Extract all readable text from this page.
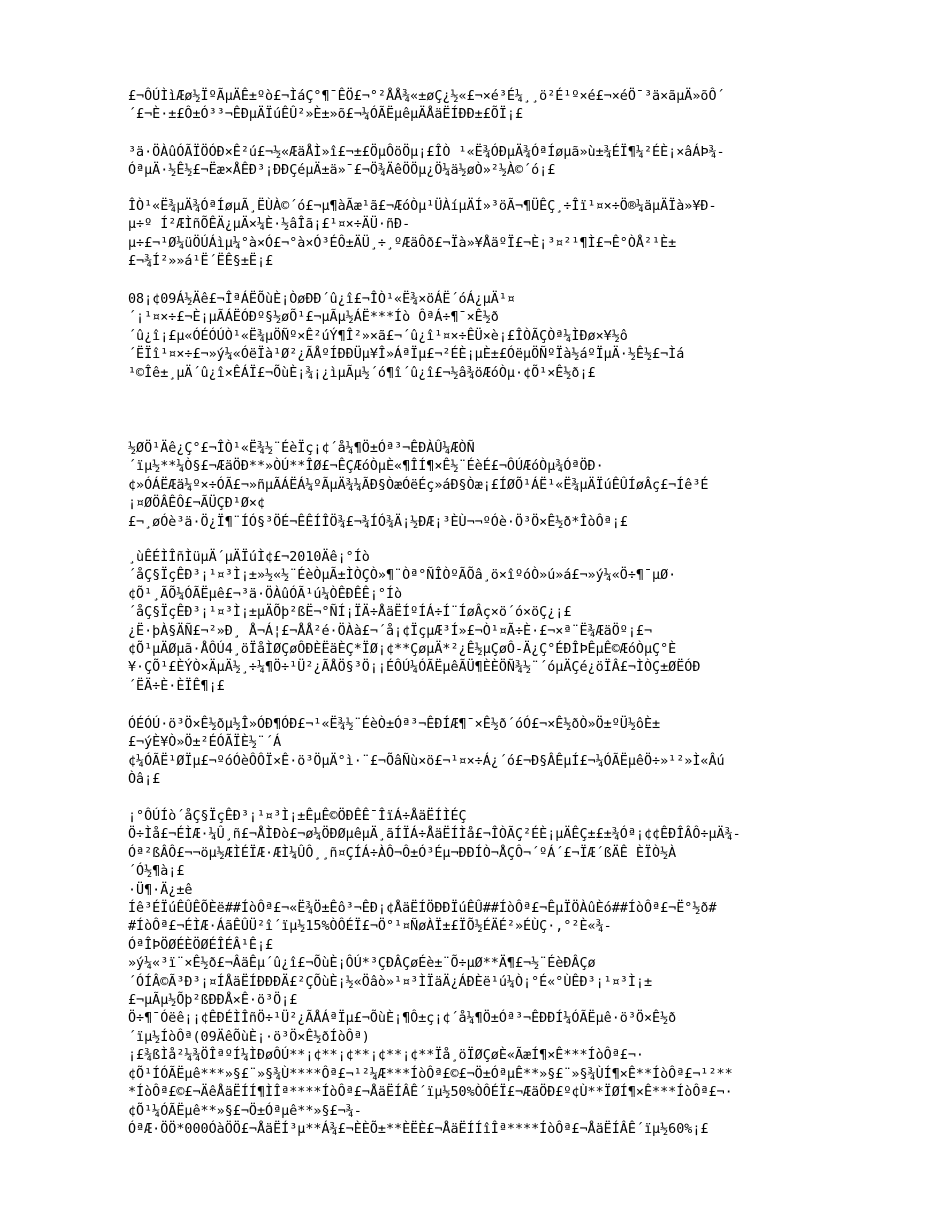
£¬ÔÚÌìÆø½ÏºÃµÄÊ±ºò£¬ÌáÇ°¶¯ÊÖ£¬°²ÅÅ¾«±øÇ¿½«£¬×é³É¼¸¸ö²É¹º×é£¬×éÖ¯³ä×ãµÄ»õÔ´
´£¬È·±£Ô±Ó³³¬ÊÐµÄÏúÊÛ²»È±»õ£¬¼ÓÃËµêµÄÅäËÍÐÐ±£ÕÏ¡£
³ä·ÖÀûÓÃÏÖÓÐ×Ê²ú£¬½«ÆäÅÌ»î£¬±£ÖµÔöÖµ¡£ÎÒ ¹«Ë¾ÓÐµÄ¾ÓªÍøµã»ù±¾ÉÏ¶¼²ÉÈ¡×âÁÞ¾-
ÓªµÄ·½Ê½£¬Ëæ×ÅÊÐ³¡ÐÐÇéµÄ±ä»¯£¬Ö¾ÄêÖÖµ¿Ö¼ä½øÒ»²½À©´ó¡£
ÎÒ¹«Ë¾µÄ¾ÓªÍøµÃ¸ËÙÀ©´ó£¬µ¶àÃæ¹ã£¬ÆóÒµ¹ÜÀíµÄÍ»³öÃ¬¶ÜÊÇ¸÷Îï¹¤×÷Ö®¼äµÄÏà»¥Ð-
µ÷º Í²ÆÌñÕÊÄ¿µÄ×¼È·½âÎã¡£¹¤×÷ÄÜ·ñÐ-
µ÷£¬¹Ø¼üÖÚÁìµ¼°à×Ó£¬°à×Ó³ÉÔ±ÄÜ¸÷¸ºÆäÔð£¬Ïà»¥ÅäºÏ£¬È¡³¤²¹¶Ì£¬Ê°ÒÅ²¹È±
£¬¾Í²»»á¹Ë´ËÊ§±Ë¡£
08¡¢09Á½Äê£¬ÎªÁËÕùÈ¡ÒøÐÐ´û¿î£¬ÎÒ¹«Ë¾×öÁË´óÁ¿µÄ¹¤
´¡¹¤×÷£¬È¡µÃÁËÓÐº§½øÕ¹£¬µÃµ½ÁË***Íò ÔªÁ÷¶¯×Ê½ð
´û¿î¡£µ«ÓÉÓÚÒ¹«Ë¾µÖÑº×Ê²úÝ¶Î²»×ã£¬´û¿î¹¤×÷ÊÜ×è¡£ÎÒÃÇÒª¼ÌÐø×¥½ô
´ËÏî¹¤×÷£¬»ý¼«ÓëÏà¹Ø²¿ÃÅºÍÐÐÜµ¥Î»ÁªÏµ£¬²ÉÈ¡µÈ±£ÓëµÖÑºÏà½áºÏµÄ·½Ê½£¬Ìá
¹©Îê±¸µÄ´û¿î×ÊÁÏ£¬ÕùÈ¡¾¡¿ìµÃµ½´ó¶î´û¿î£¬½â¾öÆóÒµ·¢Õ¹×Ê½ð¡£
½ØÖ¹Äê¿Ç°£¬ÎÒ¹«Ë¾½¨ÉèÏç¡¢´å¼¶Ö±Óª³¬ÊÐÀÛ¼ÆÒÑ
´ïµ½**¼Ò§£¬ÆäÖÐ**»ÒÚ**ÎØ£¬ÊÇÆóÒµÈ«¶ÎÍ¶×Ê½¨ÉèÉ£¬ÔÚÆóÒµ¾ÓªÖÐ·
¢»ÓÁËÆä¼º×÷ÓÃ£¬»ñµÃÁËÁ¼ºÃµÄ¾¼ÃÐ§ÒæÓëÉç»áÐ§Òæ¡£ÍØÕ¹ÁË¹«Ë¾µÄÏúÊÛÍøÂç£¬Íê³É
¡¤ØÖÂÊÔ£¬ÃÜÇÐ¹Ø×¢
£¬¸øÓè³ä·Ö¿Ï¶¨ÍÓ§³ÖÉ¬ÊÊÍÎÖ¾£¬¾ÍÓ¾Ä¡½ÐÆ¡³ÈÙ¬¬ºÓè·Ö³Ö×Ê½ð*ÎòÔª¡£
¸ùÊÉÌÎñÌüµÄ´µÄÏúÌ¢£¬2010Äê¡°Íò
´åÇ§ÏçÊÐ³¡¹¤³Ì¡±»½«½¨ÉèÒµÃ±ÌÒÇÒ»¶¨Òª°ÑÎÒºÃÕâ¸ö×îºóÒ»ú»á£¬»ý¼«Ö÷¶¯µØ·
¢Õ¹¸ÃÕ¼ÓÃËµê£¬³ä·ÖÀûÓÃ¹ú¼ÒÊÐÊÊ¡°Íò
´åÇ§ÏçÊÐ³¡¹¤³Ì¡±µÄÕþ²ßË¬°ÑÍ¡ÏÄ÷ÅäËÍºÍÁ÷Í¨ÍøÂç×ö´ó×öÇ¿¡£
¿Ë·þÀ§ÄÑ£¬²»Ð¸ Å¬Á¦£¬ÅÅ²é·ÖÀà£¬´å¡¢ÏçµÆ³Í»£¬Ò¹¤Ã÷È·£¬×ª¨Ë¾ÆäÖº¡£¬
¢Õ¹µÄØµã·ÅÔÚ4¸öÏåÌØÇøÔÐÈËäÈÇ*ÏØ¡¢**ÇøµÄ*²¿Ê½µÇøÔ-Ä¿Ç°ÉÐÎÞÊµÊ©ÆóÒµÇ°È
¥·ÇÕ¹£ÈÝÒ×ÄµÄ½¸÷¼¶Ö÷¹Ü²¿ÃÅÖ§³Ö¡¡ÉÔÚ¼ÓÃËµêÃÜ¶ÈÈÖÑ¾½¨´óµÄÇé¿öÏÂ£¬ÌÒÇ±ØËÓÐ
´ËÄ÷È·ÈÏÊ¶¡£
ÓÉÓÚ·ö³Ö×Ê½ðµ½Î»ÓÐ¶ÓÐ£¬¹«Ë¾½¨ÉèÒ±Óª³¬ÊÐÍÆ¶¯×Ê½ð´óÓ£¬×Ê½ðÒ»Ö±ºÜ½ôÈ±
£¬ýÈ¥Ò»Ö±²ÉÓÃÏÈ½¨´Á
¢¼ÓÃË¹ØÏµ£¬ºóÓèÔÔÏ×Ê·ö³ÖµÄ°ì·¨£¬ÕâÑù×ö£¬¹¤×÷Á¿´ó£¬Ð§ÂÊµÍ£¬¼ÓÃËµêÖ÷»¹²»Ì«Âú
Òâ¡£
¡°ÔÚÍò´åÇ§ÏçÊÐ³¡¹¤³Ì¡±ÊµÊ©ÖÐÊÊ¯ÎïÁ÷ÅäËÍÌÉÇ
Ö÷Ìå£¬ÉÌÆ·¼Û¸ñ£¬ÅÌÐò£¬ø¼ÖÐØµêµÄ¸ãÍÏÁ÷ÅäËÍÌå£¬ÎÒÃÇ²ÉÈ¡µÄÊÇ±£±¾Óª¡¢¢ÊÐÎÂÔ÷µÄ¾-
Óª²ßÂÔ£¬¬öµ½ÆÌÉÏÆ·ÆÌ¼ÛÔ¸¸ñ¤ÇÍÁ÷ÀÔ¬Ô±Ó³Éµ¬ÐÐÍÒ¬ÅÇÔ¬´ºÁ´£¬ÏÆ´ßÄÊ ÈÏÒ½À
´Ó½¶à¡£
·Ü¶·Ä¿±ê
Íê³ÉÏúÊÛÊÕÈë##ÍòÔª£¬«Ë¾Ö±Êô³¬ÊÐ¡¢ÅäËÍÖÐÐÏúÊÛ##ÍòÔª£¬ÊµÏÖÀûÈó##ÍòÔª£¬Ë°½ð#
#ÍòÔª£¬ÉÌÆ·ÁãÊÛÜ²î´ïµ½15%ÒÔÉÏ£¬Ö°¹¤ÑøÀÏ±£ÏÕ½ÉÄÉ²»ÉÙÇ·,°²È«¾-
ÓªÎÞÖØÉÈÖØÉÎÉÂ¹Ê¡£
»ý¼«³ï¨×Ê½ð£¬ÂäÊµ´û¿î£¬ÕùÈ¡ÔÚ*³ÇÐÂÇøÉè±¨Õ÷µØ**Ä¶£¬½¨ÉèÐÂÇø
´ÓÍÂ©Ã³Ð³¡¤ÍÅäËÍÐÐÐÄ£²ÇÕùÈ¡½«Öâò»¹¤³ÌÏäÄ¿ÁÐÈë¹ú¼Ò¡°É«°ÙÊÐ³¡¹¤³Ì¡±
£¬µÃµ½Õþ²ßÐÐÅ×Ê·ö³Ö¡£
Ö÷¶¯Óëê¡¡¢ÊÐÉÌÎñÖ÷¹Ü²¿ÃÅÁªÏµ£¬ÕùÈ¡¶Ô±ç¡¢´å¼¶Ö±Óª³¬ÊÐÐÍ¼ÓÃËµê·ö³Ö×Ê½ð
´ïµ½ÍòÔª(09ÄêÕùÈ¡·ö³Ö×Ê½ðÍòÔª)
¡£¾ßÌå²¼¾ÖÎªºÍ¼ÌÐøÔÚ**¡¢**¡¢**¡¢**¡¢**Ïå¸öÏØÇøÈ«ÃæÍ¶×Ê***ÍòÔª£¬·
¢Õ¹ÍÓÃËµê***»§£¨»§¾Ù****Ôª£¬¹²¼Æ***ÍòÔª£©£¬Ö±ÓªµÊ**»§£¨»§¾ÙÍ¶×Ê**ÍòÔª£¬¹²**
*ÍòÔª£©£¬ÄêÅäËÍÍ¶ÌÎª****ÍòÔª£¬ÅäËÍÂÊ´ïµ½50%ÒÔÉÏ£¬ÆäÖÐ£º¢Ù**ÏØÍ¶×Ê***ÍòÔª£¬·
¢Õ¹¼ÓÃËµê**»§£¬Ö±Óªµê**»§£¬¾-
ÓªÆ·ÖÖ*000ÓàÖÖ£¬ÅäËÍ³µ**Á¾£¬ÈÈÕ±**ÈËÈ£¬ÅäËÍÍîÎª****ÍòÔª£¬ÅäËÍÂÊ´ïµ½60%¡£
